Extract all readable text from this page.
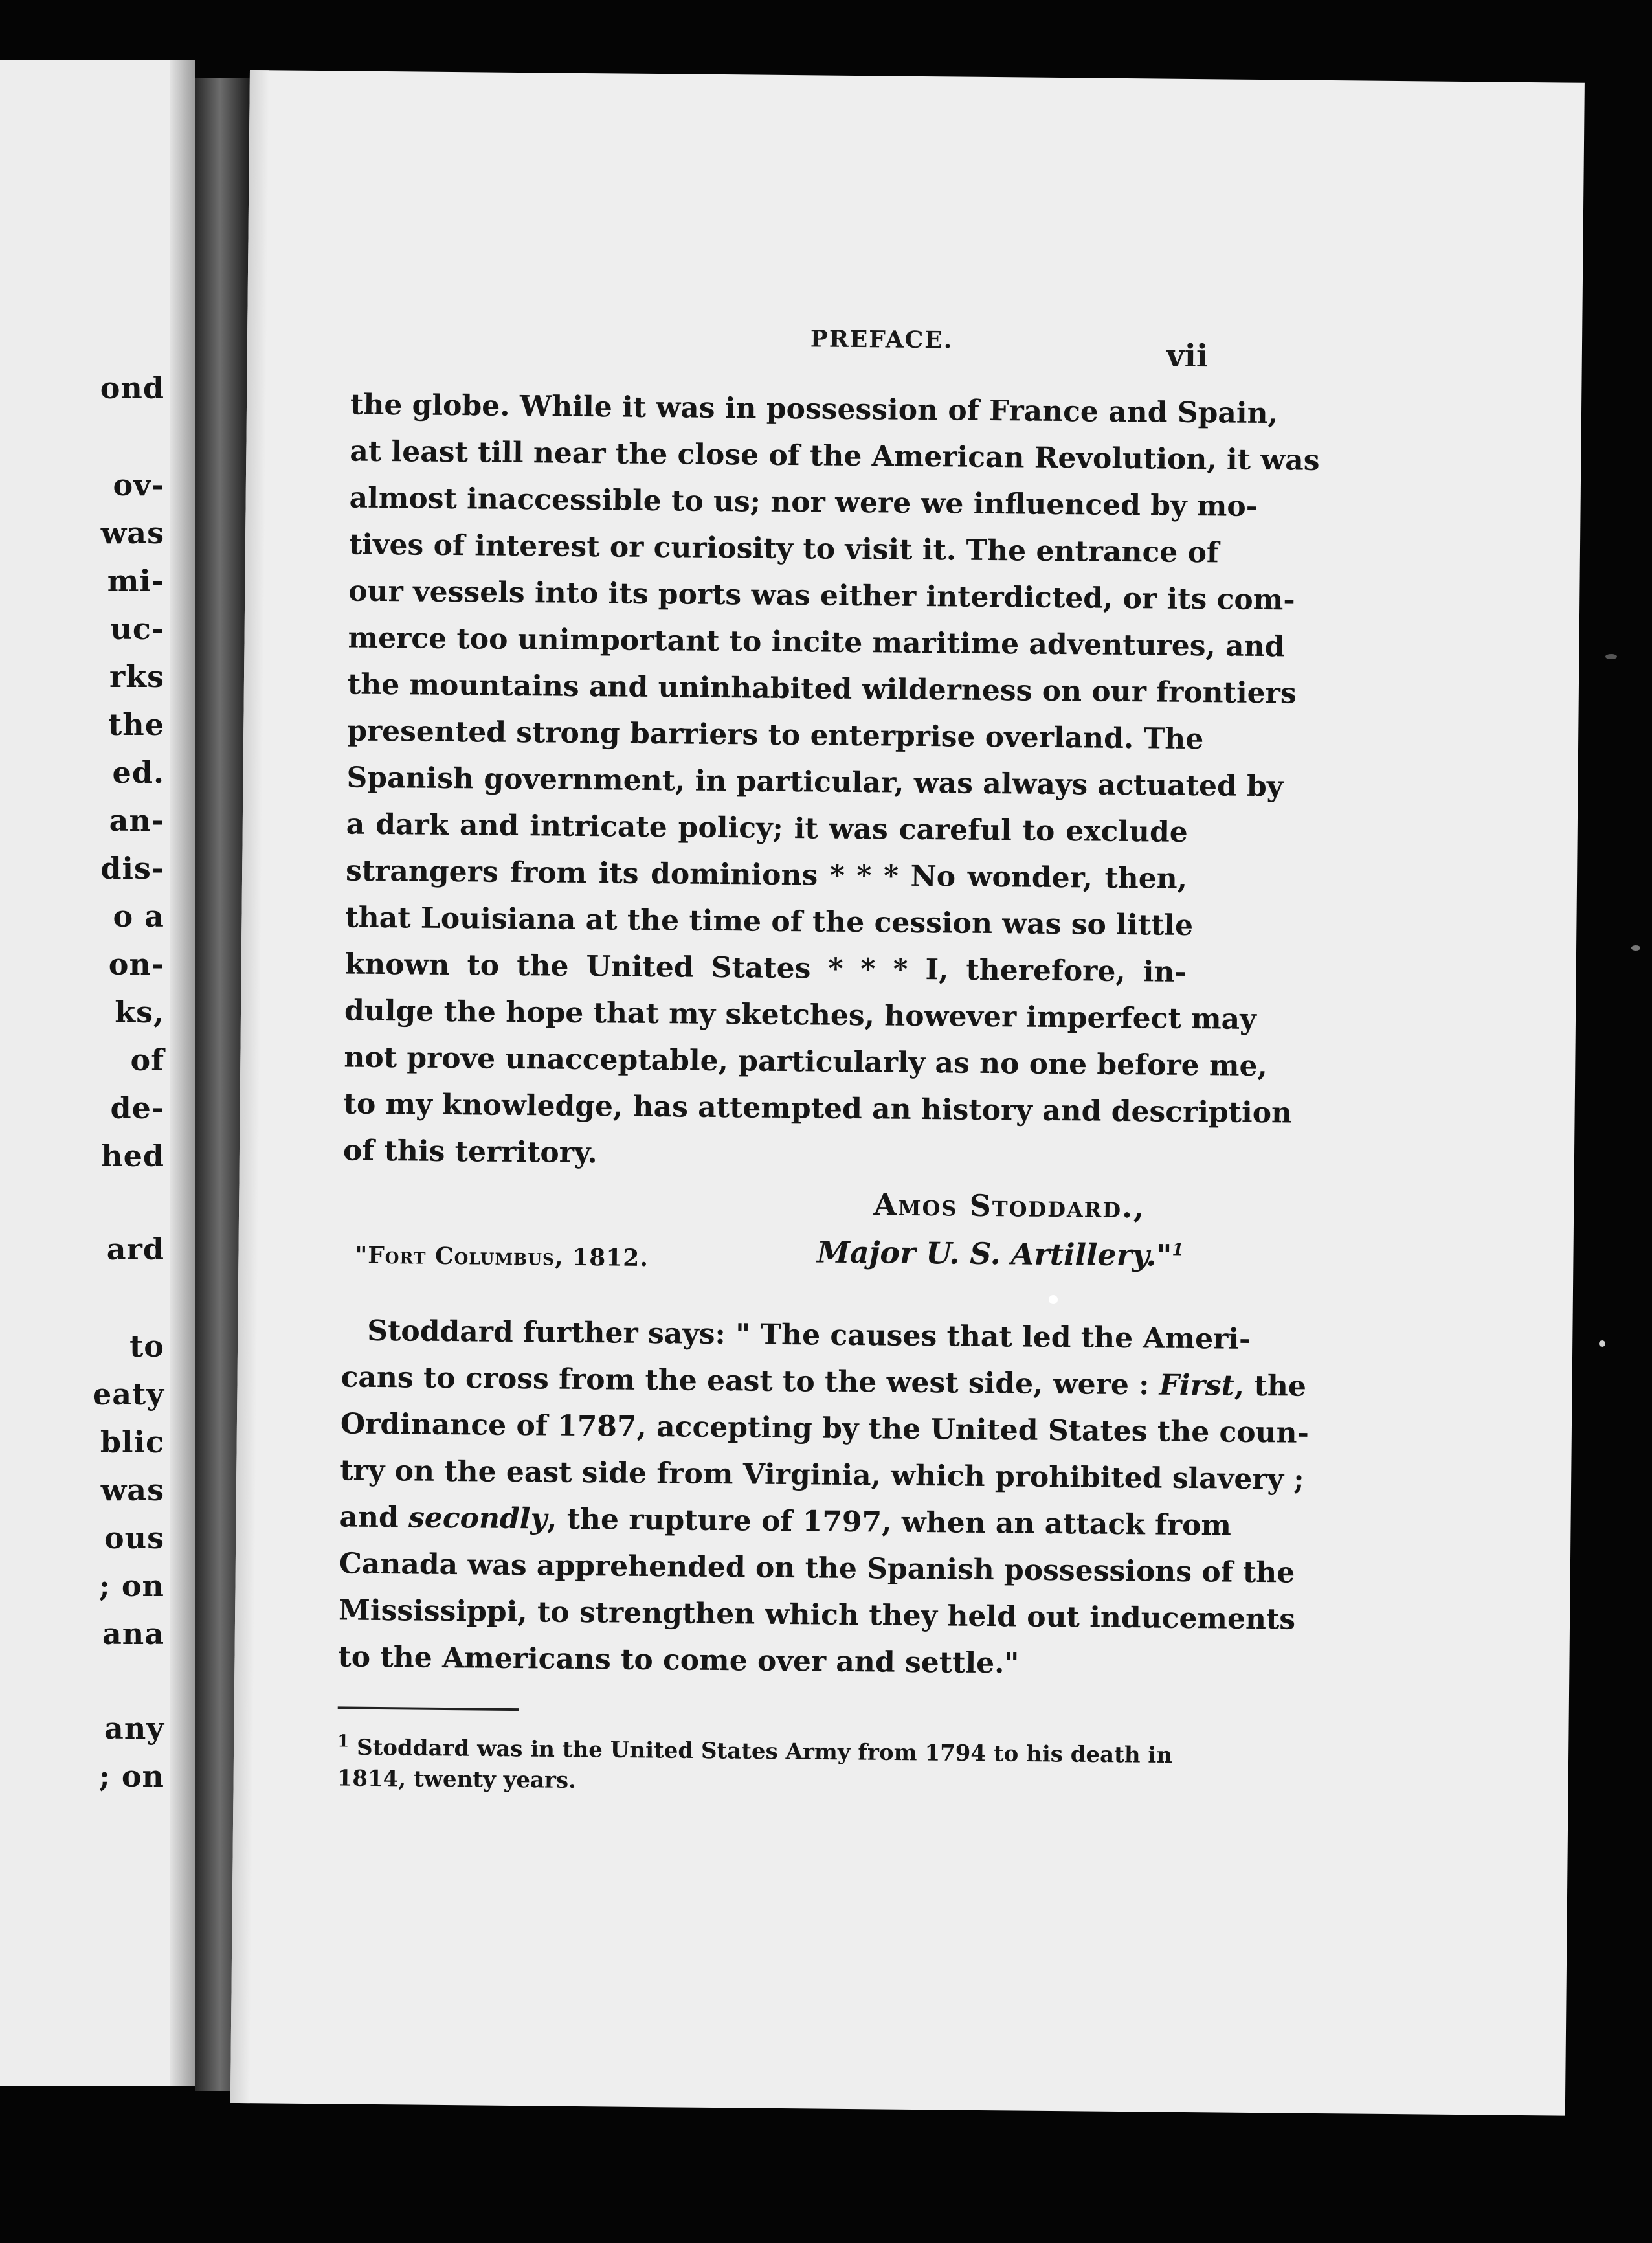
ond
ov-
was
mi-
uc-
rks
the
ed.
an-
dis-
o a
on-
ks,
of
de-
hed
ard
to
eaty
blic
was
ous
; on
ana
any
; on
PREFACE.	vii
the globe. While it was in possession of France and Spain,
at least till near the close of the American Revolution, it was
almost inaccessible to us; nor were we influenced by mo-
tives of interest or curiosity to visit it. The entrance of
our vessels into its ports was either interdicted, or its com-
merce too unimportant to incite maritime adventures, and
the mountains and uninhabited wilderness on our frontiers
presented strong barriers to enterprise overland. The
Spanish government, in particular, was always actuated by
a dark and intricate policy; it was careful to exclude
strangers from its dominions * * * No wonder, then,
that Louisiana at the time of the cession was so little
known to the United States * * * I, therefore, in-
dulge the hope that my sketches, however imperfect may
not prove unacceptable, particularly as no one before me,
to my knowledge, has attempted an history and description
of this territory.
Amos Stoddard.,
Major U. S. Artillery."$^1$
"Fort Columbus, 1812.
Stoddard further says: " The causes that led the Ameri-
cans to cross from the east to the west side, were : First, the
Ordinance of 1787, accepting by the United States the coun-
try on the east side from Virginia, which prohibited slavery ;
and secondly, the rupture of 1797, when an attack from
Canada was apprehended on the Spanish possessions of the
Mississippi, to strengthen which they held out inducements
to the Americans to come over and settle."
$^1$ Stoddard was in the United States Army from 1794 to his death in
1814, twenty years.
